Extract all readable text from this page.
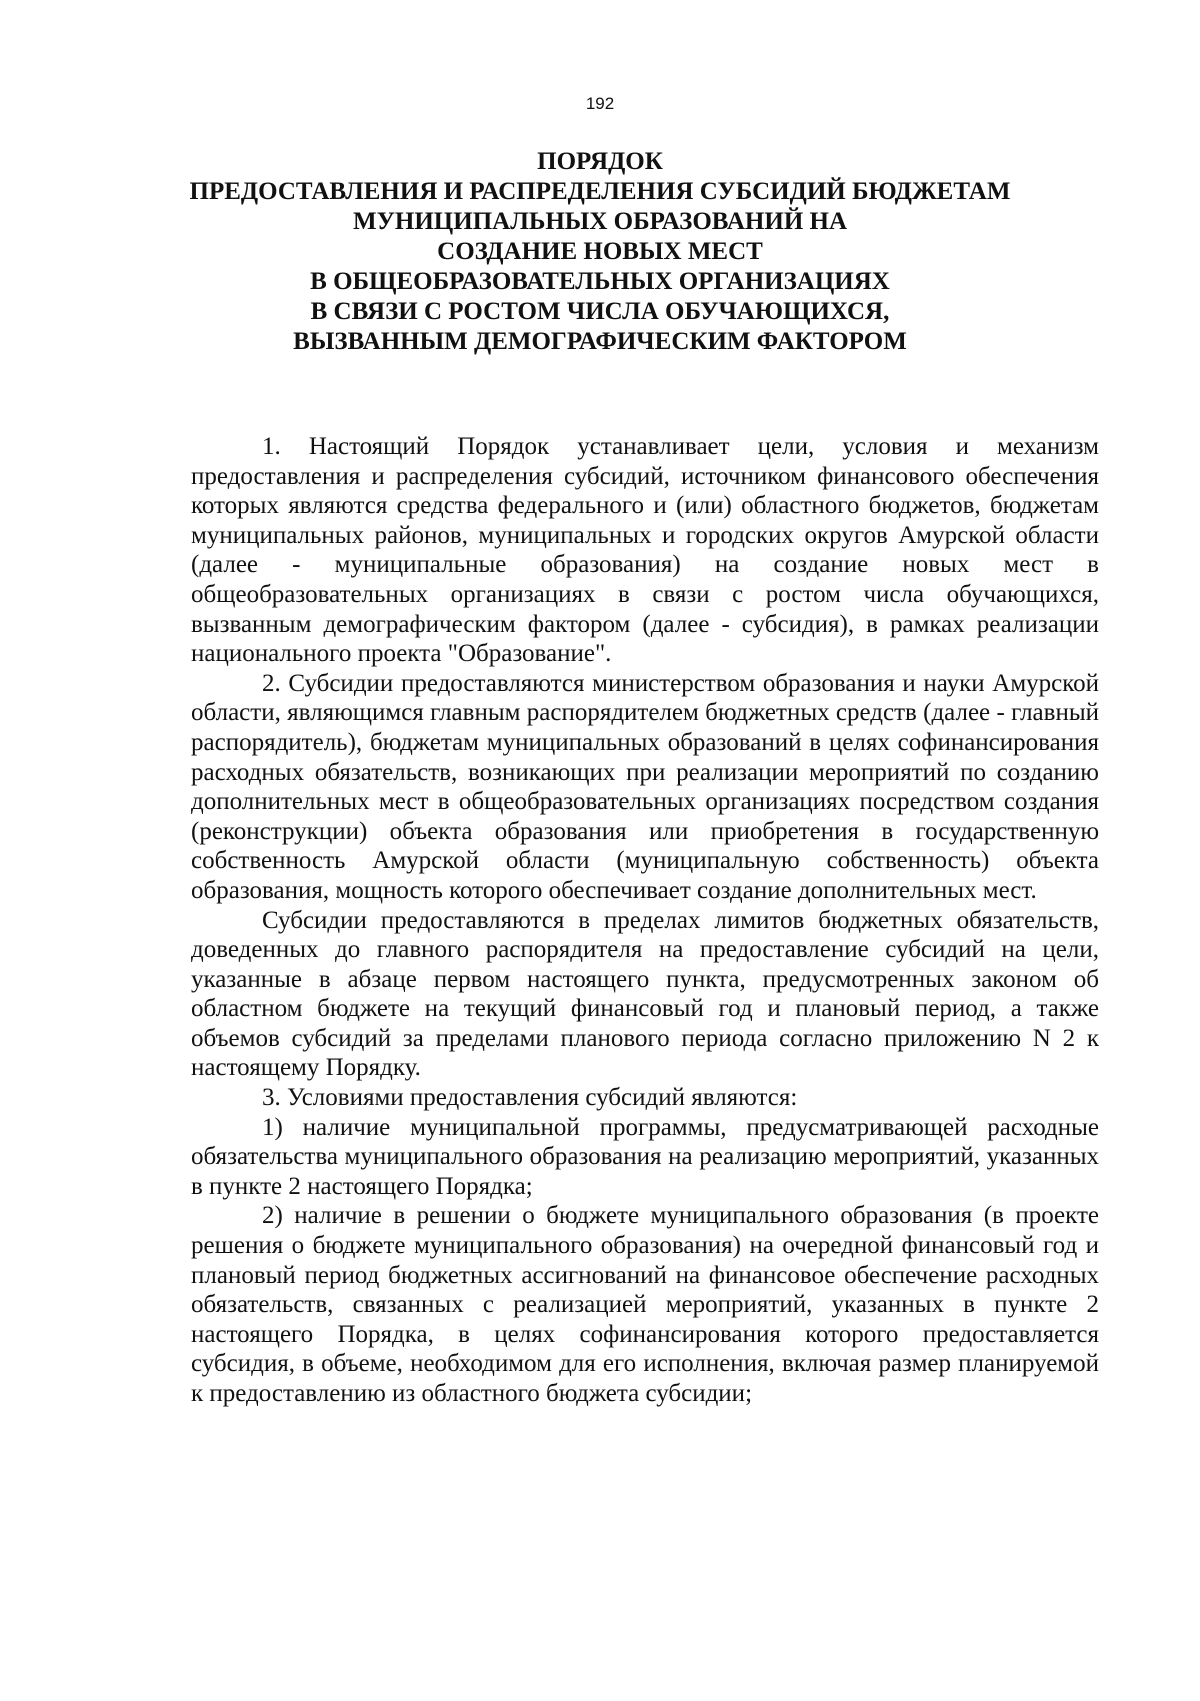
192
ПОРЯДОК
ПРЕДОСТАВЛЕНИЯ И РАСПРЕДЕЛЕНИЯ СУБСИДИЙ БЮДЖЕТАМ
МУНИЦИПАЛЬНЫХ ОБРАЗОВАНИЙ НА
СОЗДАНИЕ НОВЫХ МЕСТ
В ОБЩЕОБРАЗОВАТЕЛЬНЫХ ОРГАНИЗАЦИЯХ
В СВЯЗИ С РОСТОМ ЧИСЛА ОБУЧАЮЩИХСЯ,
ВЫЗВАННЫМ ДЕМОГРАФИЧЕСКИМ ФАКТОРОМ

1. Настоящий Порядок устанавливает цели, условия и механизм предоставления и распределения субсидий, источником финансового обеспечения которых являются средства федерального и (или) областного бюджетов, бюджетам муниципальных районов, муниципальных и городских округов Амурской области (далее - муниципальные образования) на создание новых мест в общеобразовательных организациях в связи с ростом числа обучающихся, вызванным демографическим фактором (далее - субсидия), в рамках реализации национального проекта "Образование".

2. Субсидии предоставляются министерством образования и науки Амурской области, являющимся главным распорядителем бюджетных средств (далее - главный распорядитель), бюджетам муниципальных образований в целях софинансирования расходных обязательств, возникающих при реализации мероприятий по созданию дополнительных мест в общеобразовательных организациях посредством создания (реконструкции) объекта образования или приобретения в государственную собственность Амурской области (муниципальную собственность) объекта образования, мощность которого обеспечивает создание дополнительных мест.

Субсидии предоставляются в пределах лимитов бюджетных обязательств, доведенных до главного распорядителя на предоставление субсидий на цели, указанные в абзаце первом настоящего пункта, предусмотренных законом об областном бюджете на текущий финансовый год и плановый период, а также объемов субсидий за пределами планового периода согласно приложению N 2 к настоящему Порядку.

3. Условиями предоставления субсидий являются:

1) наличие муниципальной программы, предусматривающей расходные обязательства муниципального образования на реализацию мероприятий, указанных в пункте 2 настоящего Порядка;

2) наличие в решении о бюджете муниципального образования (в проекте решения о бюджете муниципального образования) на очередной финансовый год и плановый период бюджетных ассигнований на финансовое обеспечение расходных обязательств, связанных с реализацией мероприятий, указанных в пункте 2 настоящего Порядка, в целях софинансирования которого предоставляется субсидия, в объеме, необходимом для его исполнения, включая размер планируемой к предоставлению из областного бюджета субсидии;
